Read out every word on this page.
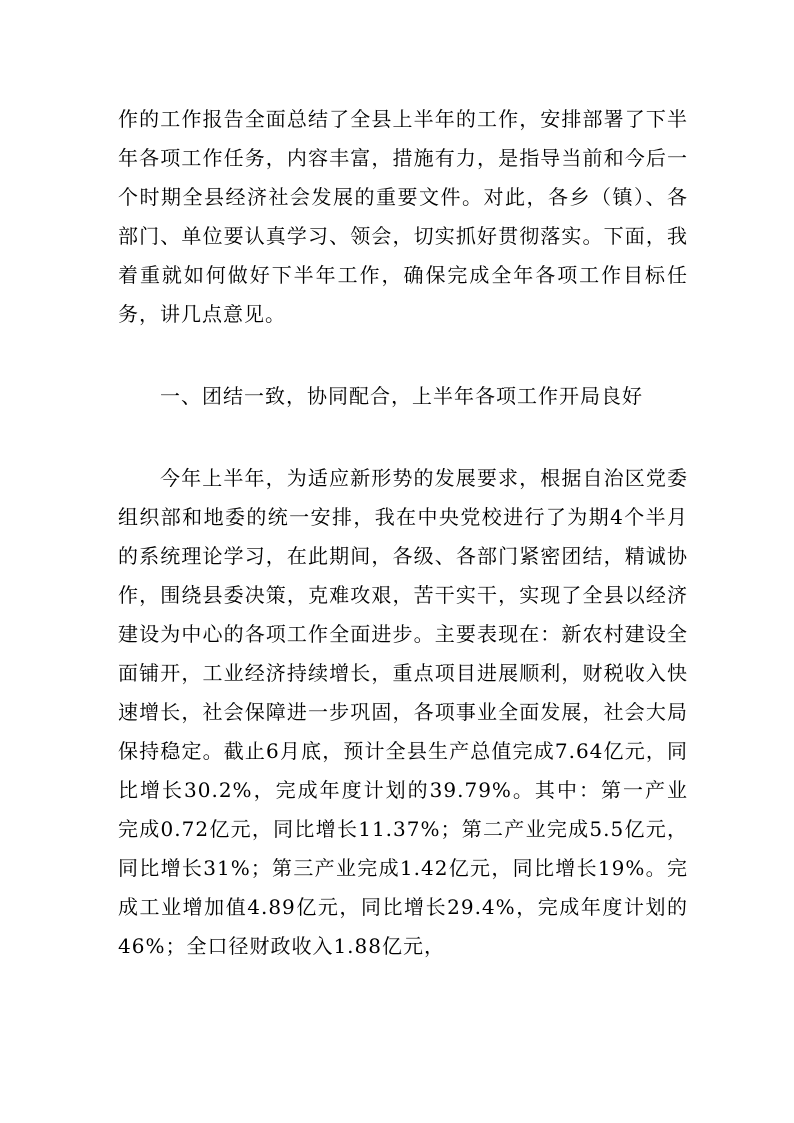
作的工作报告全面总结了全县上半年的工作，安排部署了下半年各项工作任务，内容丰富，措施有力，是指导当前和今后一个时期全县经济社会发展的重要文件。对此，各乡（镇）、各部门、单位要认真学习、领会，切实抓好贯彻落实。下面，我着重就如何做好下半年工作，确保完成全年各项工作目标任务，讲几点意见。

一、团结一致，协同配合，上半年各项工作开局良好

今年上半年，为适应新形势的发展要求，根据自治区党委组织部和地委的统一安排，我在中央党校进行了为期4个半月的系统理论学习，在此期间，各级、各部门紧密团结，精诚协作，围绕县委决策，克难攻艰，苦干实干，实现了全县以经济建设为中心的各项工作全面进步。主要表现在：新农村建设全面铺开，工业经济持续增长，重点项目进展顺利，财税收入快速增长，社会保障进一步巩固，各项事业全面发展，社会大局保持稳定。截止6月底，预计全县生产总值完成7.64亿元，同比增长30.2%，完成年度计划的39.79%。其中：第一产业完成0.72亿元，同比增长11.37%；第二产业完成5.5亿元，同比增长31%；第三产业完成1.42亿元，同比增长19%。完成工业增加值4.89亿元，同比增长29.4%，完成年度计划的46%；全口径财政收入1.88亿元，
